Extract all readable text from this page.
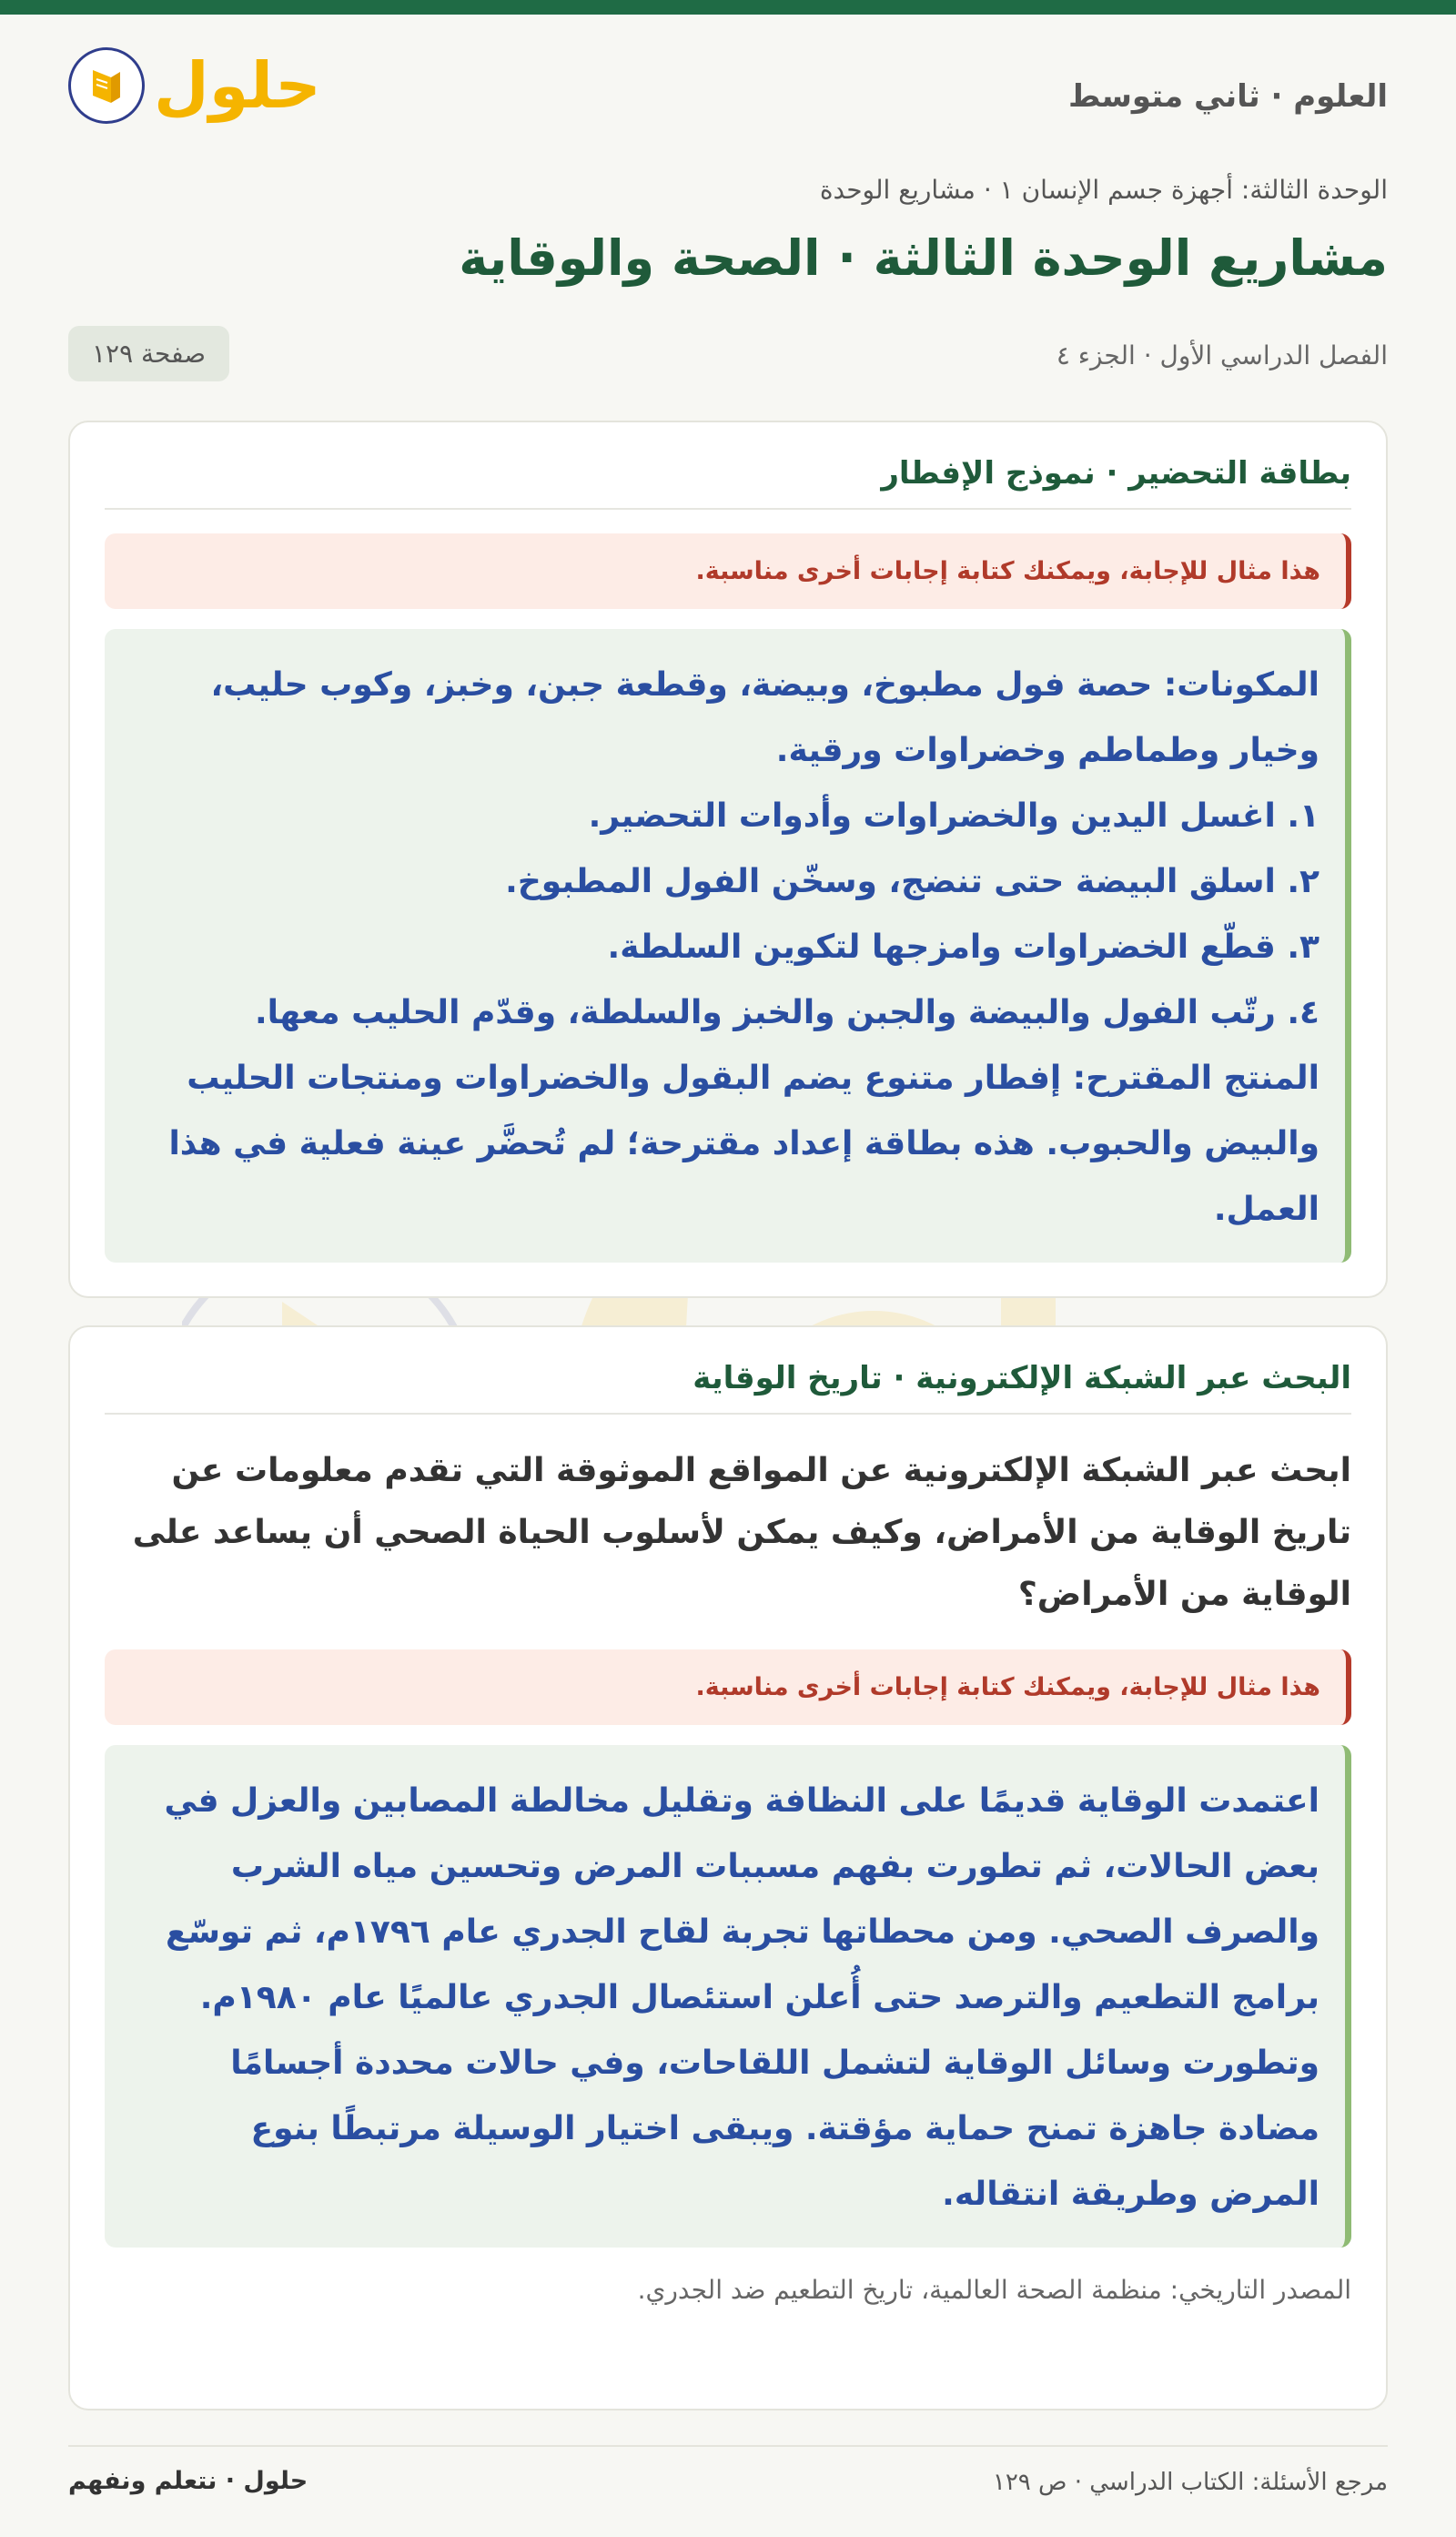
العلوم · ثاني متوسط
حلول
الوحدة الثالثة: أجهزة جسم الإنسان ١ · مشاريع الوحدة
مشاريع الوحدة الثالثة · الصحة والوقاية
الفصل الدراسي الأول · الجزء ٤
صفحة ١٢٩
بطاقة التحضير · نموذج الإفطار
هذا مثال للإجابة، ويمكنك كتابة إجابات أخرى مناسبة.
المكونات: حصة فول مطبوخ، وبيضة، وقطعة جبن، وخبز، وكوب حليب، وخيار وطماطم وخضراوات ورقية.
١. اغسل اليدين والخضراوات وأدوات التحضير.
٢. اسلق البيضة حتى تنضج، وسخّن الفول المطبوخ.
٣. قطّع الخضراوات وامزجها لتكوين السلطة.
٤. رتّب الفول والبيضة والجبن والخبز والسلطة، وقدّم الحليب معها.
المنتج المقترح: إفطار متنوع يضم البقول والخضراوات ومنتجات الحليب والبيض والحبوب. هذه بطاقة إعداد مقترحة؛ لم تُحضَّر عينة فعلية في هذا العمل.
البحث عبر الشبكة الإلكترونية · تاريخ الوقاية

ابحث عبر الشبكة الإلكترونية عن المواقع الموثوقة التي تقدم معلومات عن تاريخ الوقاية من الأمراض، وكيف يمكن لأسلوب الحياة الصحي أن يساعد على الوقاية من الأمراض؟

هذا مثال للإجابة، ويمكنك كتابة إجابات أخرى مناسبة.
اعتمدت الوقاية قديمًا على النظافة وتقليل مخالطة المصابين والعزل في بعض الحالات، ثم تطورت بفهم مسببات المرض وتحسين مياه الشرب والصرف الصحي. ومن محطاتها تجربة لقاح الجدري عام ١٧٩٦م، ثم توسّع برامج التطعيم والترصد حتى أُعلن استئصال الجدري عالميًا عام ١٩٨٠م.
وتطورت وسائل الوقاية لتشمل اللقاحات، وفي حالات محددة أجسامًا مضادة جاهزة تمنح حماية مؤقتة. ويبقى اختيار الوسيلة مرتبطًا بنوع المرض وطريقة انتقاله.
المصدر التاريخي: منظمة الصحة العالمية، تاريخ التطعيم ضد الجدري.
مرجع الأسئلة: الكتاب الدراسي · ص ١٢٩
حلول · نتعلم ونفهم
